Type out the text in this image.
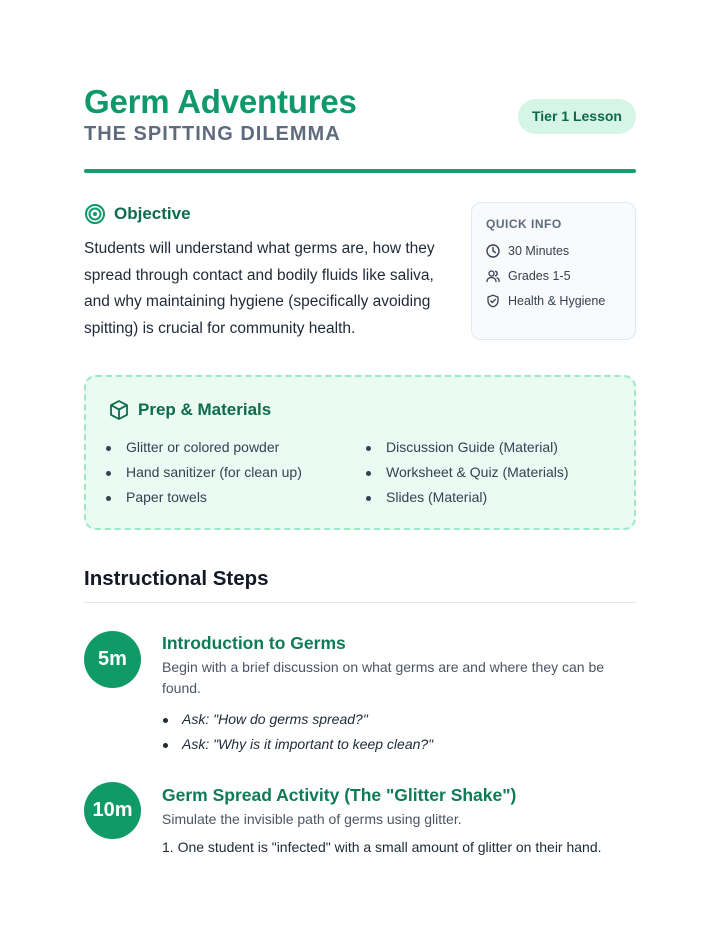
Germ Adventures
THE SPITTING DILEMMA
Tier 1 Lesson
Objective

Students will understand what germs are, how they spread through contact and bodily fluids like saliva, and why maintaining hygiene (specifically avoiding spitting) is crucial for community health.

QUICK INFO
30 Minutes
Grades 1-5
Health & Hygiene
Prep & Materials
Glitter or colored powder
Hand sanitizer (for clean up)
Paper towels
Discussion Guide (Material)
Worksheet & Quiz (Materials)
Slides (Material)
Instructional Steps
5m
Introduction to Germs
Begin with a brief discussion on what germs are and where they can be found.
Ask: "How do germs spread?"
Ask: "Why is it important to keep clean?"
10m
Germ Spread Activity (The "Glitter Shake")
Simulate the invisible path of germs using glitter.
1. One student is "infected" with a small amount of glitter on their hand.
